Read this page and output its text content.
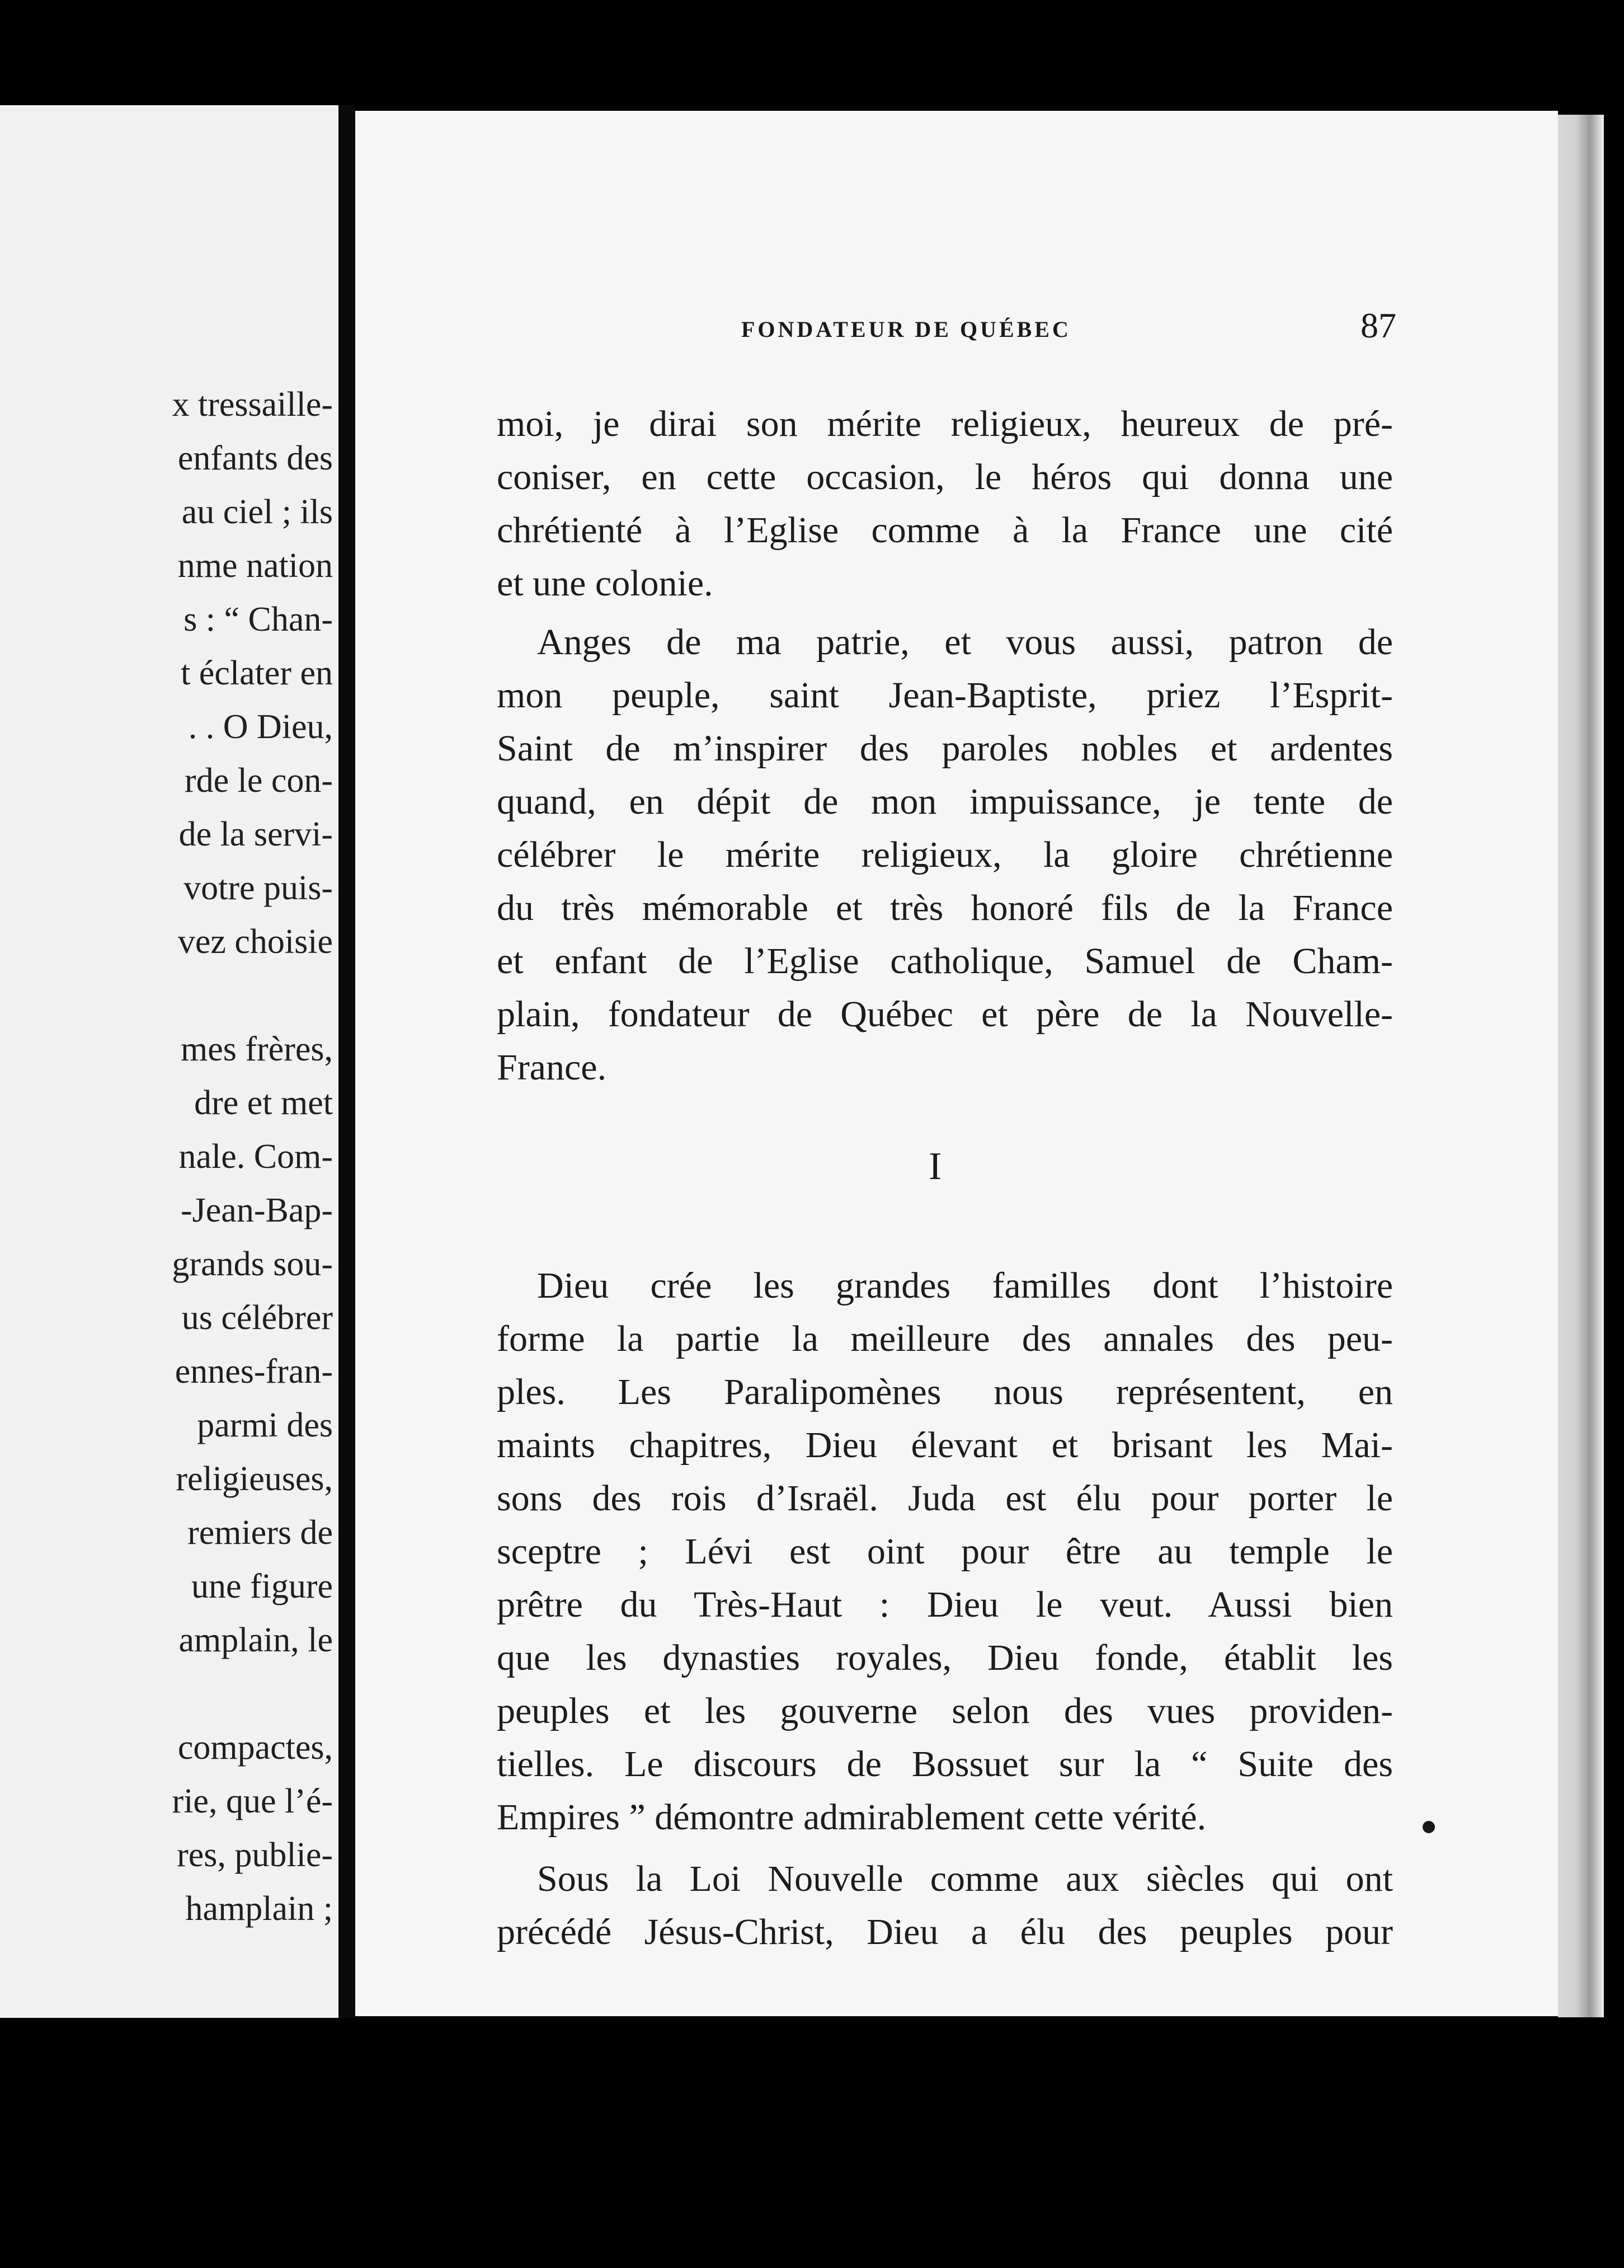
x tressaille-
enfants des
au ciel ; ils
nme nation
s : “ Chan-
t éclater en
. . O Dieu,
rde le con-
de la servi-
votre puis-
vez choisie
mes frères,
dre et met
nale. Com-
-Jean-Bap-
grands sou-
us célébrer
ennes-fran-
parmi des
religieuses,
remiers de
une figure
amplain, le
compactes,
rie, que l’é-
res, publie-
hamplain ;
FONDATEUR DE QUÉBEC	87
moi, je dirai son mérite religieux, heureux de pré-
coniser, en cette occasion, le héros qui donna une
chrétienté à l’Eglise comme à la France une cité
et une colonie.
Anges de ma patrie, et vous aussi, patron de
mon peuple, saint Jean-Baptiste, priez l’Esprit-
Saint de m’inspirer des paroles nobles et ardentes
quand, en dépit de mon impuissance, je tente de
célébrer le mérite religieux, la gloire chrétienne
du très mémorable et très honoré fils de la France
et enfant de l’Eglise catholique, Samuel de Cham-
plain, fondateur de Québec et père de la Nouvelle-
France.
Dieu crée les grandes familles dont l’histoire
forme la partie la meilleure des annales des peu-
ples. Les Paralipomènes nous représentent, en
maints chapitres, Dieu élevant et brisant les Mai-
sons des rois d’Israël. Juda est élu pour porter le
sceptre ; Lévi est oint pour être au temple le
prêtre du Très-Haut : Dieu le veut. Aussi bien
que les dynasties royales, Dieu fonde, établit les
peuples et les gouverne selon des vues providen-
tielles. Le discours de Bossuet sur la “ Suite des
Empires ” démontre admirablement cette vérité.
Sous la Loi Nouvelle comme aux siècles qui ont
précédé Jésus-Christ, Dieu a élu des peuples pour
I
